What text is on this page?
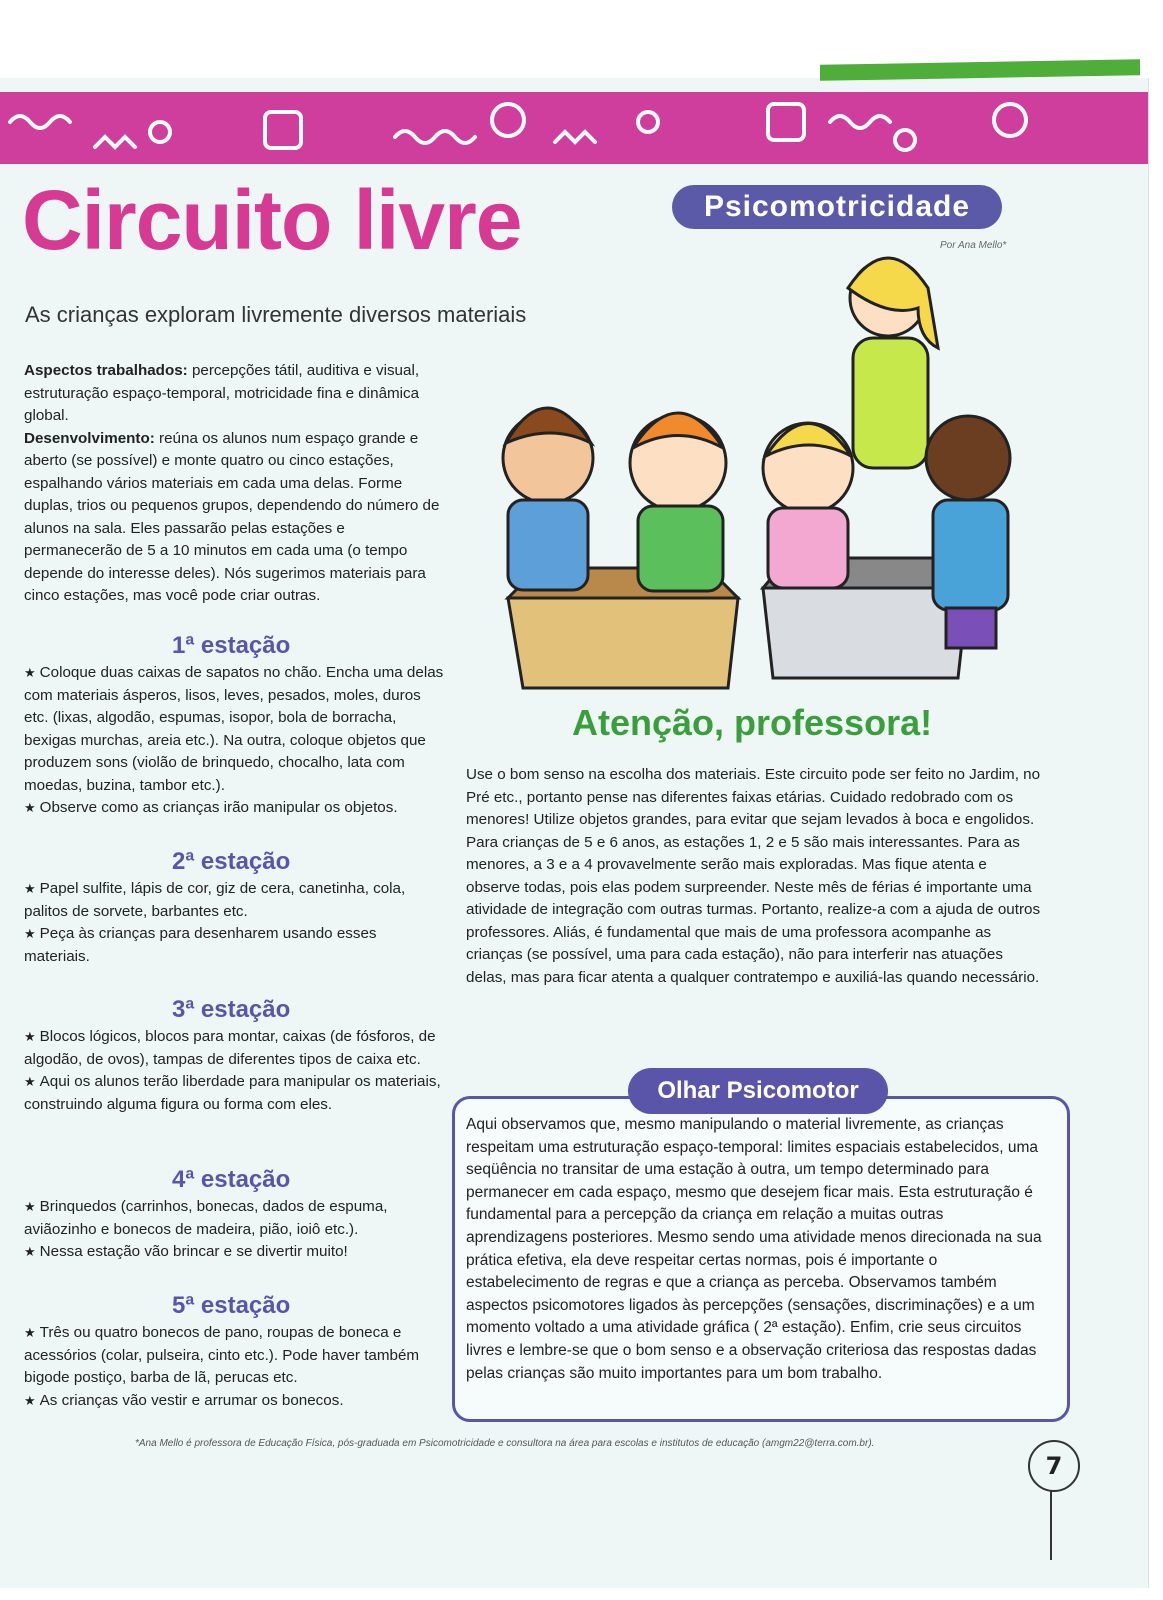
Circuito livre	Psicomotricidade
Por Ana Mello*

As crianças exploram livremente diversos materiais

Aspectos trabalhados: percepções tátil, auditiva e visual, estruturação espaço-temporal, motricidade fina e dinâmica global.
Desenvolvimento: reúna os alunos num espaço grande e aberto (se possível) e monte quatro ou cinco estações, espalhando vários materiais em cada uma delas. Forme duplas, trios ou pequenos grupos, dependendo do número de alunos na sala. Eles passarão pelas estações e permanecerão de 5 a 10 minutos em cada uma (o tempo depende do interesse deles). Nós sugerimos materiais para cinco estações, mas você pode criar outras.

1ª estação

★ Coloque duas caixas de sapatos no chão. Encha uma delas com materiais ásperos, lisos, leves, pesados, moles, duros etc. (lixas, algodão, espumas, isopor, bola de borracha, bexigas murchas, areia etc.). Na outra, coloque objetos que produzem sons (violão de brinquedo, chocalho, lata com moedas, buzina, tambor etc.).
★ Observe como as crianças irão manipular os objetos.

2ª estação

★ Papel sulfite, lápis de cor, giz de cera, canetinha, cola, palitos de sorvete, barbantes etc.
★ Peça às crianças para desenharem usando esses materiais.

3ª estação

★ Blocos lógicos, blocos para montar, caixas (de fósforos, de algodão, de ovos), tampas de diferentes tipos de caixa etc.
★ Aqui os alunos terão liberdade para manipular os materiais, construindo alguma figura ou forma com eles.

4ª estação

★ Brinquedos (carrinhos, bonecas, dados de espuma, aviãozinho e bonecos de madeira, pião, ioiô etc.).
★ Nessa estação vão brincar e se divertir muito!

5ª estação

★ Três ou quatro bonecos de pano, roupas de boneca e acessórios (colar, pulseira, cinto etc.). Pode haver também bigode postiço, barba de lã, perucas etc.
★ As crianças vão vestir e arrumar os bonecos.

Atenção, professora!

Use o bom senso na escolha dos materiais. Este circuito pode ser feito no Jardim, no Pré etc., portanto pense nas diferentes faixas etárias. Cuidado redobrado com os menores! Utilize objetos grandes, para evitar que sejam levados à boca e engolidos. Para crianças de 5 e 6 anos, as estações 1, 2 e 5 são mais interessantes. Para as menores, a 3 e a 4 provavelmente serão mais exploradas. Mas fique atenta e observe todas, pois elas podem surpreender. Neste mês de férias é importante uma atividade de integração com outras turmas. Portanto, realize-a com a ajuda de outros professores. Aliás, é fundamental que mais de uma professora acompanhe as crianças (se possível, uma para cada estação), não para interferir nas atuações delas, mas para ficar atenta a qualquer contratempo e auxiliá-las quando necessário.

Olhar Psicomotor

Aqui observamos que, mesmo manipulando o material livremente, as crianças respeitam uma estruturação espaço-temporal: limites espaciais estabelecidos, uma seqüência no transitar de uma estação à outra, um tempo determinado para permanecer em cada espaço, mesmo que desejem ficar mais. Esta estruturação é fundamental para a percepção da criança em relação a muitas outras aprendizagens posteriores. Mesmo sendo uma atividade menos direcionada na sua prática efetiva, ela deve respeitar certas normas, pois é importante o estabelecimento de regras e que a criança as perceba. Observamos também aspectos psicomotores ligados às percepções (sensações, discriminações) e a um momento voltado a uma atividade gráfica ( 2ª estação). Enfim, crie seus circuitos livres e lembre-se que o bom senso e a observação criteriosa das respostas dadas pelas crianças são muito importantes para um bom trabalho.

*Ana Mello é professora de Educação Física, pós-graduada em Psicomotricidade e consultora na área para escolas e institutos de educação (amgm22@terra.com.br).
7
